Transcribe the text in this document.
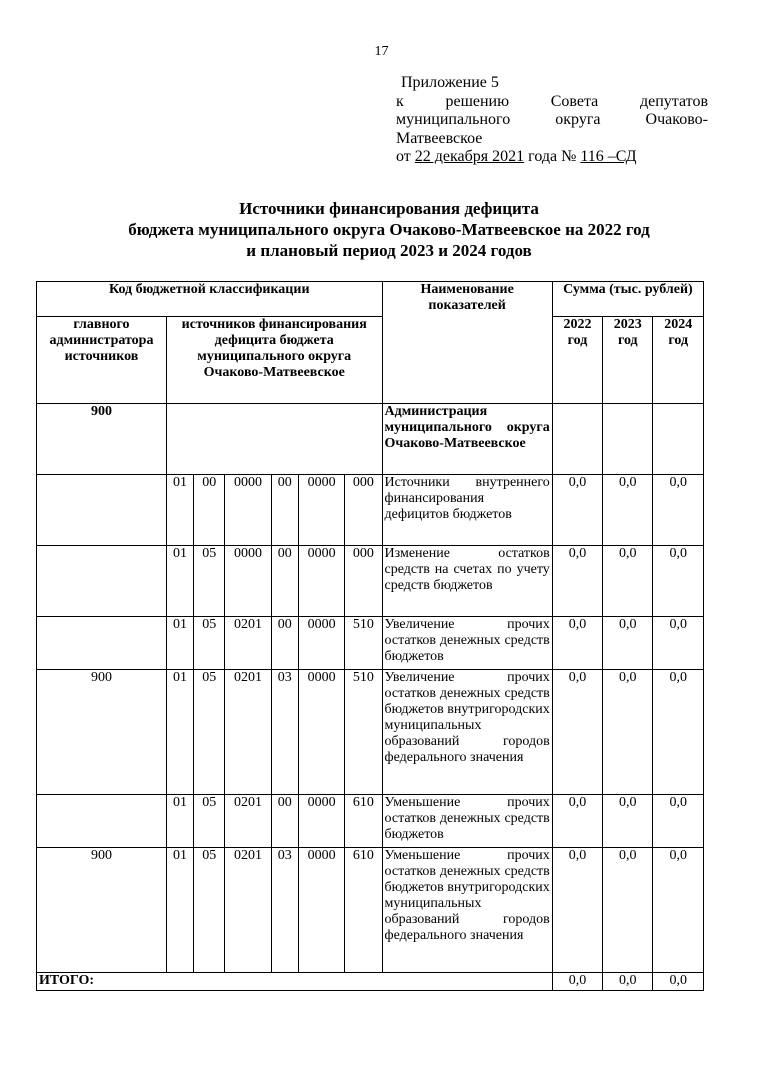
17
Приложение 5
к решению Совета депутатов
муниципального округа Очаково-
Матвеевское
от 22 декабря 2021 года № 116 –СД
Источники финансирования дефицита
бюджета муниципального округа Очаково-Матвеевское на 2022 год
и плановый период 2023 и 2024 годов
Код бюджетной классификации							Наименование показателей	Сумма (тыс. рублей)		
главного администратора источников	источников финансирования дефицита бюджета муниципального округа Очаково-Матвеевское							2022 год	2023 год	2024 год

900							Администрация муниципального округа Очаково-Матвеевское			
	01	00	0000	00	0000	000	Источники внутреннего финансирования дефицитов бюджетов	0,0	0,0	0,0
	01	05	0000	00	0000	000	Изменение остатков средств на счетах по учету средств бюджетов	0,0	0,0	0,0
	01	05	0201	00	0000	510	Увеличение прочих остатков денежных средств бюджетов	0,0	0,0	0,0
900	01	05	0201	03	0000	510	Увеличение прочих остатков денежных средств бюджетов внутригородских муниципальных образований городов федерального значения	0,0	0,0	0,0
	01	05	0201	00	0000	610	Уменьшение прочих остатков денежных средств бюджетов	0,0	0,0	0,0
900	01	05	0201	03	0000	610	Уменьшение прочих остатков денежных средств бюджетов внутригородских муниципальных образований городов федерального значения	0,0	0,0	0,0
ИТОГО:								0,0	0,0	0,0
